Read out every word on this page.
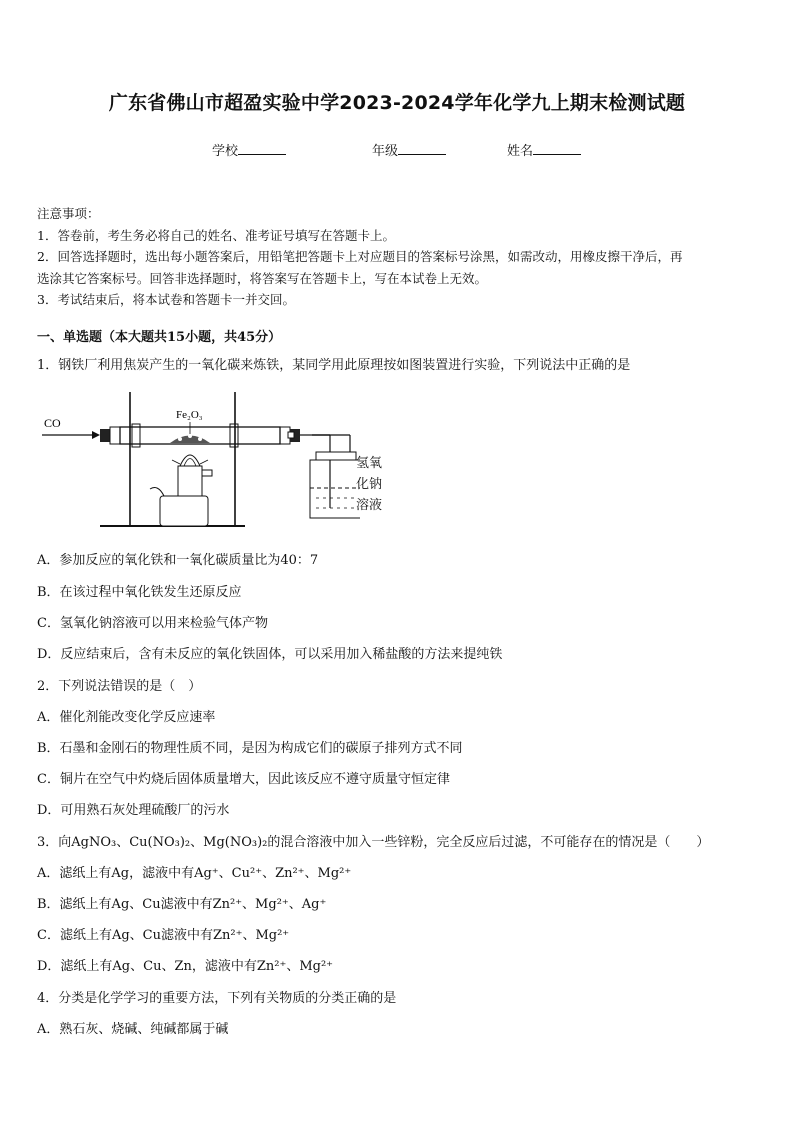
广东省佛山市超盈实验中学2023-2024学年化学九上期末检测试题
学校	年级	姓名

注意事项：

1．答卷前，考生务必将自己的姓名、准考证号填写在答题卡上。

2．回答选择题时，选出每小题答案后，用铅笔把答题卡上对应题目的答案标号涂黑，如需改动，用橡皮擦干净后，再

选涂其它答案标号。回答非选择题时，将答案写在答题卡上，写在本试卷上无效。

3．考试结束后，将本试卷和答题卡一并交回。

一、单选题（本大题共15小题，共45分）
1．钢铁厂利用焦炭产生的一氧化碳来炼铁，某同学用此原理按如图装置进行实验，下列说法中正确的是
CO
Fe₂O₃
氢氧
化钠
溶液
A．参加反应的氧化铁和一氧化碳质量比为40：7
B．在该过程中氧化铁发生还原反应
C．氢氧化钠溶液可以用来检验气体产物
D．反应结束后，含有未反应的氧化铁固体，可以采用加入稀盐酸的方法来提纯铁
2．下列说法错误的是（　）
A．催化剂能改变化学反应速率
B．石墨和金刚石的物理性质不同，是因为构成它们的碳原子排列方式不同
C．铜片在空气中灼烧后固体质量增大，因此该反应不遵守质量守恒定律
D．可用熟石灰处理硫酸厂的污水
3．向AgNO₃、Cu(NO₃)₂、Mg(NO₃)₂的混合溶液中加入一些锌粉，完全反应后过滤，不可能存在的情况是（　　）
A．滤纸上有Ag，滤液中有Ag⁺、Cu²⁺、Zn²⁺、Mg²⁺
B．滤纸上有Ag、Cu滤液中有Zn²⁺、Mg²⁺、Ag⁺
C．滤纸上有Ag、Cu滤液中有Zn²⁺、Mg²⁺
D．滤纸上有Ag、Cu、Zn，滤液中有Zn²⁺、Mg²⁺
4．分类是化学学习的重要方法，下列有关物质的分类正确的是
A．熟石灰、烧碱、纯碱都属于碱
